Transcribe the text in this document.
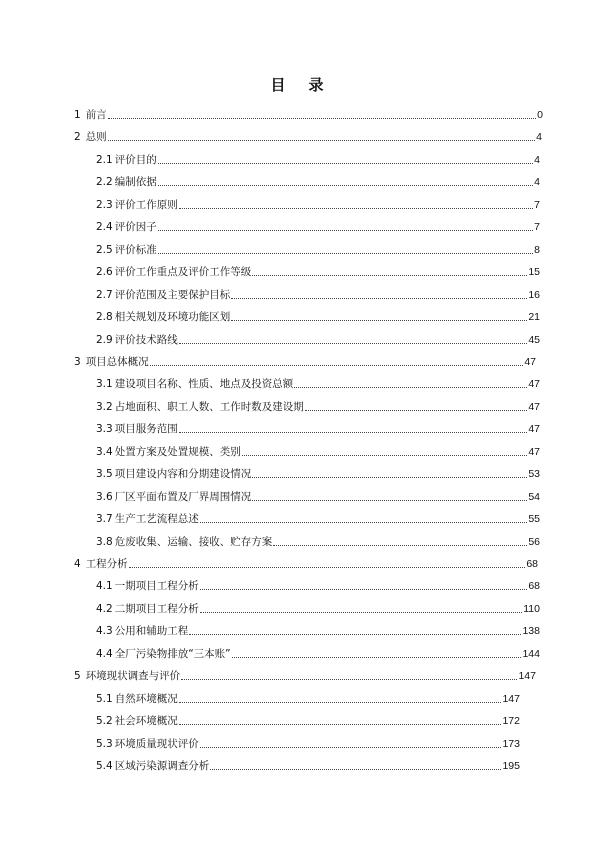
目 录
1 前言	0
2 总则	4
2.1 评价目的	4
2.2 编制依据	4
2.3 评价工作原则	7
2.4 评价因子	7
2.5 评价标准	8
2.6 评价工作重点及评价工作等级	15
2.7 评价范围及主要保护目标	16
2.8 相关规划及环境功能区划	21
2.9 评价技术路线	45
3 项目总体概况	47
3.1 建设项目名称、性质、地点及投资总额	47
3.2 占地面积、职工人数、工作时数及建设期	47
3.3 项目服务范围	47
3.4 处置方案及处置规模、类别	47
3.5 项目建设内容和分期建设情况	53
3.6 厂区平面布置及厂界周围情况	54
3.7 生产工艺流程总述	55
3.8 危废收集、运输、接收、贮存方案	56
4 工程分析	68
4.1 一期项目工程分析	68
4.2 二期项目工程分析	110
4.3 公用和辅助工程	138
4.4 全厂污染物排放“三本账”	144
5 环境现状调查与评价	147
5.1 自然环境概况	147
5.2 社会环境概况	172
5.3 环境质量现状评价	173
5.4 区域污染源调查分析	195
